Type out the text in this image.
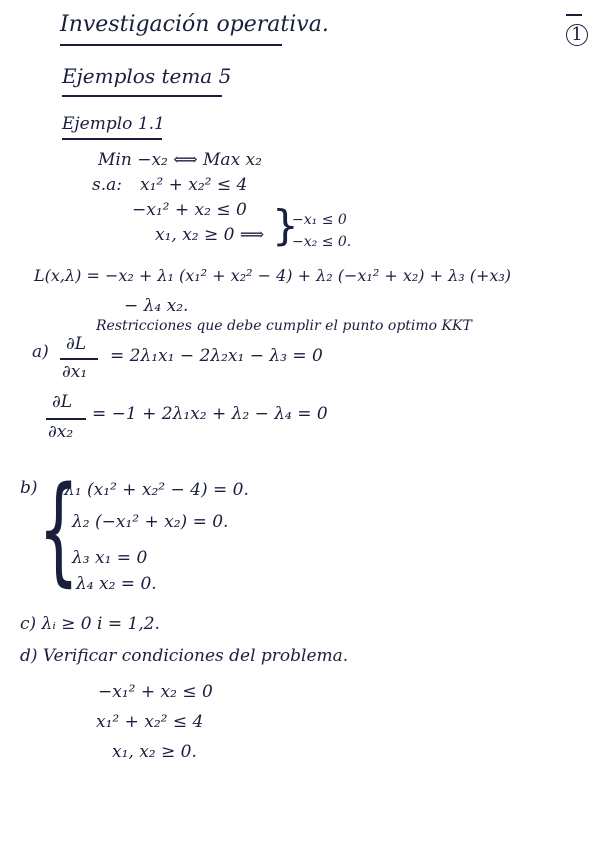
Investigación operativa.	1
Ejemplos tema 5
Ejemplo 1.1
Min −x₂ ⟺ Max x₂
s.a: x₁² + x₂² ≤ 4
−x₁² + x₂ ≤ 0
x₁, x₂ ≥ 0 ⟹ }
−x₁ ≤ 0
−x₂ ≤ 0.
L(x,λ) = −x₂ + λ₁ (x₁² + x₂² − 4) + λ₂ (−x₁² + x₂) + λ₃ (+x₃)
− λ₄ x₂.
Restricciones que debe cumplir el punto optimo KKT
a) ∂L
∂x₁
= 2λ₁x₁ − 2λ₂x₁ − λ₃ = 0
∂L
∂x₂
= −1 + 2λ₁x₂ + λ₂ − λ₄ = 0
b) {
λ₁ (x₁² + x₂² − 4) = 0.
λ₂ (−x₁² + x₂) = 0.
λ₃ x₁ = 0
λ₄ x₂ = 0.
c) λᵢ ≥ 0 i = 1,2.
d) Verificar condiciones del problema.
−x₁² + x₂ ≤ 0
x₁² + x₂² ≤ 4
x₁, x₂ ≥ 0.
